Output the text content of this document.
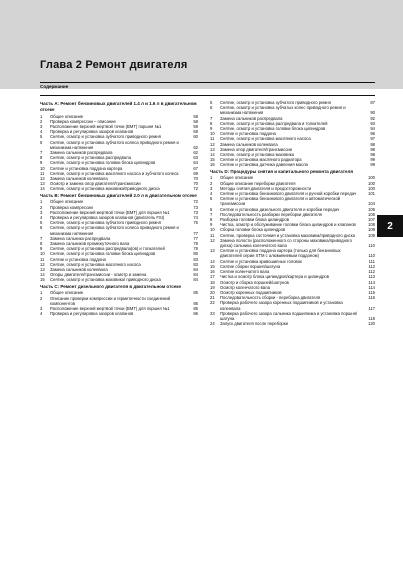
Глава 2 Ремонт двигателя
Содержание
Часть А: Ремонт бензиновых двигателей 1.4 л и 1.6 л в двигательном отсеке
1	Общее описание	58
2	Проверка компрессии – описание	58
3	Расположение верхней мертвой точки (ВМТ) поршня №1	59
4	Проверка и регулировка зазоров клапанов	59
5	Снятие, осмотр и установка зубчатого приводного ремня	60
6	Снятие, осмотр и установка зубчатого колеса приводного ремня и механизма натяжения	62
7	Замена сальников распредвала	62
8	Снятие, осмотр и установка распредвала	63
9	Снятие, осмотр и установка головки блока цилиндров	64
10	Снятие и установка поддона картера	67
11	Снятие, осмотр и установка масляного насоса и зубчатого колеса	69
12	Замена сальников коленвала	70
13	Осмотр и замена опор двигателя/трансмиссии	70
14	Снятие, осмотр и установка маховика/приводного диска	72
Часть В: Ремонт бензиновых двигателей 2.0 л в двигательном отсеке
1	Общее описание	72
2	Проверка компрессии	73
3	Расположение верхней мертвой точки (ВМТ) для поршня №1	73
4	Проверка и регулировка зазоров клапанов (двигатель FSI)	74
5	Снятие, осмотр и установка зубчатого приводного ремня	75
6	Снятие, осмотр и установка зубчатого колеса приводного ремня и механизма натяжения	77
7	Замена сальника распредвала	77
8	Замена сальников промежуточного вала	78
9	Снятие, осмотр и установка распредвала(ов) и толкателей	78
10	Снятие, осмотр и установка головки блока цилиндров	80
11	Снятие и установка поддона	83
12	Снятие, осмотр и установка масляного насоса	83
13	Замена сальников коленвала	84
14	Опоры двигателя/трансмиссии - осмотр и замена	84
15	Снятие, осмотр и установка маховика/ приводного диска	84
Часть С: Ремонт дизельного двигателя в двигательном отсеке
1	Общее описание	85
2	Описание проверки компрессии и герметичности соединений компонентов	85
3	Расположение верхней мертвой точки (ВМТ) для поршня №1	86
4	Проверка и регулировка зазоров клапанов	86
5	Снятие, осмотр и установка зубчатого приводного ремня	87
6	Снятие, осмотр и установка зубчатых колес приводного ремня и механизма натяжения	90
7	Замена сальников распредвала	92
8	Снятие, осмотр и установка распредвала и толкателей	93
9	Снятие, осмотр и установка головки блока цилиндров	94
10	Снятие и установка поддона	96
11	Снятие, осмотр и установка масляного насоса	97
12	Замена сальников коленвала	98
13	Замена опор двигателя/трансмиссии	98
14	Снятие, осмотр и установка маховика	98
15	Снятие и установка масляного радиатора	99
16	Снятие и установка датчика давления масла	99
Часть D: Процедуры снятия и капитального ремонта двигателя
1	Общее описание	100
2	Общие описание переборки двигателя	100
3	Методы снятия двигателя и предосторожности	100
4	Снятие и установка бензинового двигателя и ручной коробки передач	101
5	Снятие и установка бензинового двигателя и автоматической трансмиссии	104
6	Снятие и установка дизельного двигателя и коробки передач	105
7	Последовательность разборки переборки двигателя	106
8	Разборка головки блока цилиндров	107
9	Чистка, осмотр и обслуживание головки блока цилиндров и клапанов	108
10	Сборка головки блока цилиндров	109
11	Снятие, проверка состояния и установка маховика/приводного диска	109
12	Замена полости (расположенного со стороны маховика/приводного диска) сальника коленчатого вала	110
13	Снятие и установка поддона картера (только для бензиновых двигателей серии ХТМ с алюминиевым поддоном)	110
14	Снятие и установка кривошипных головок	111
15	Снятие сборки поршня/шатуна	112
16	Снятие коленчатого вала	112
17	Чистка и осмотр блока цилиндров/картера и цилиндров	113
18	Осмотр и сборка поршней/шатунов	114
19	Осмотр коленчатого вала	114
20	Осмотр коренных подшипников	115
21	Последовательность сборки - переборка двигателя	116
22	Проверка рабочего зазора коренных подшипников и установка коленвала	117
23	Проверка рабочего зазора сальника подшипника и установка поршня/шатуна	118
24	Запуск двигателя после переборки	120
2
